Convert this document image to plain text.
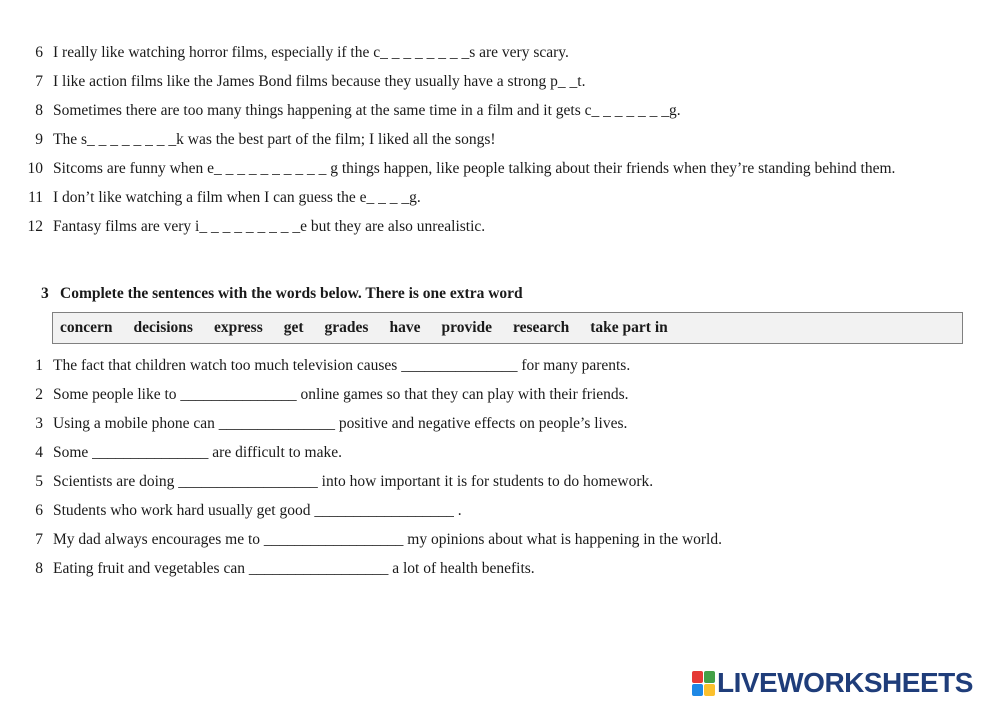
6 I really like watching horror films, especially if the c_ _ _ _ _ _ _ _s are very scary.
7 I like action films like the James Bond films because they usually have a strong p_ _t.
8 Sometimes there are too many things happening at the same time in a film and it gets c_ _ _ _ _ _ _g.
9 The s_ _ _ _ _ _ _ _k was the best part of the film; I liked all the songs!
10 Sitcoms are funny when e_ _ _ _ _ _ _ _ _ _ g things happen, like people talking about their friends when they’re standing behind them.
11 I don’t like watching a film when I can guess the e_ _ _ _g.
12 Fantasy films are very i_ _ _ _ _ _ _ _ _e but they are also unrealistic.
3 Complete the sentences with the words below. There is one extra word
concern decisions express get grades have provide research take part in
1 The fact that children watch too much television causes _______________ for many parents.
2 Some people like to _______________ online games so that they can play with their friends.
3 Using a mobile phone can _______________ positive and negative effects on people’s lives.
4 Some _______________ are difficult to make.
5 Scientists are doing __________________ into how important it is for students to do homework.
6 Students who work hard usually get good __________________ .
7 My dad always encourages me to __________________ my opinions about what is happening in the world.
8 Eating fruit and vegetables can __________________ a lot of health benefits.
LIVEWORKSHEETS
